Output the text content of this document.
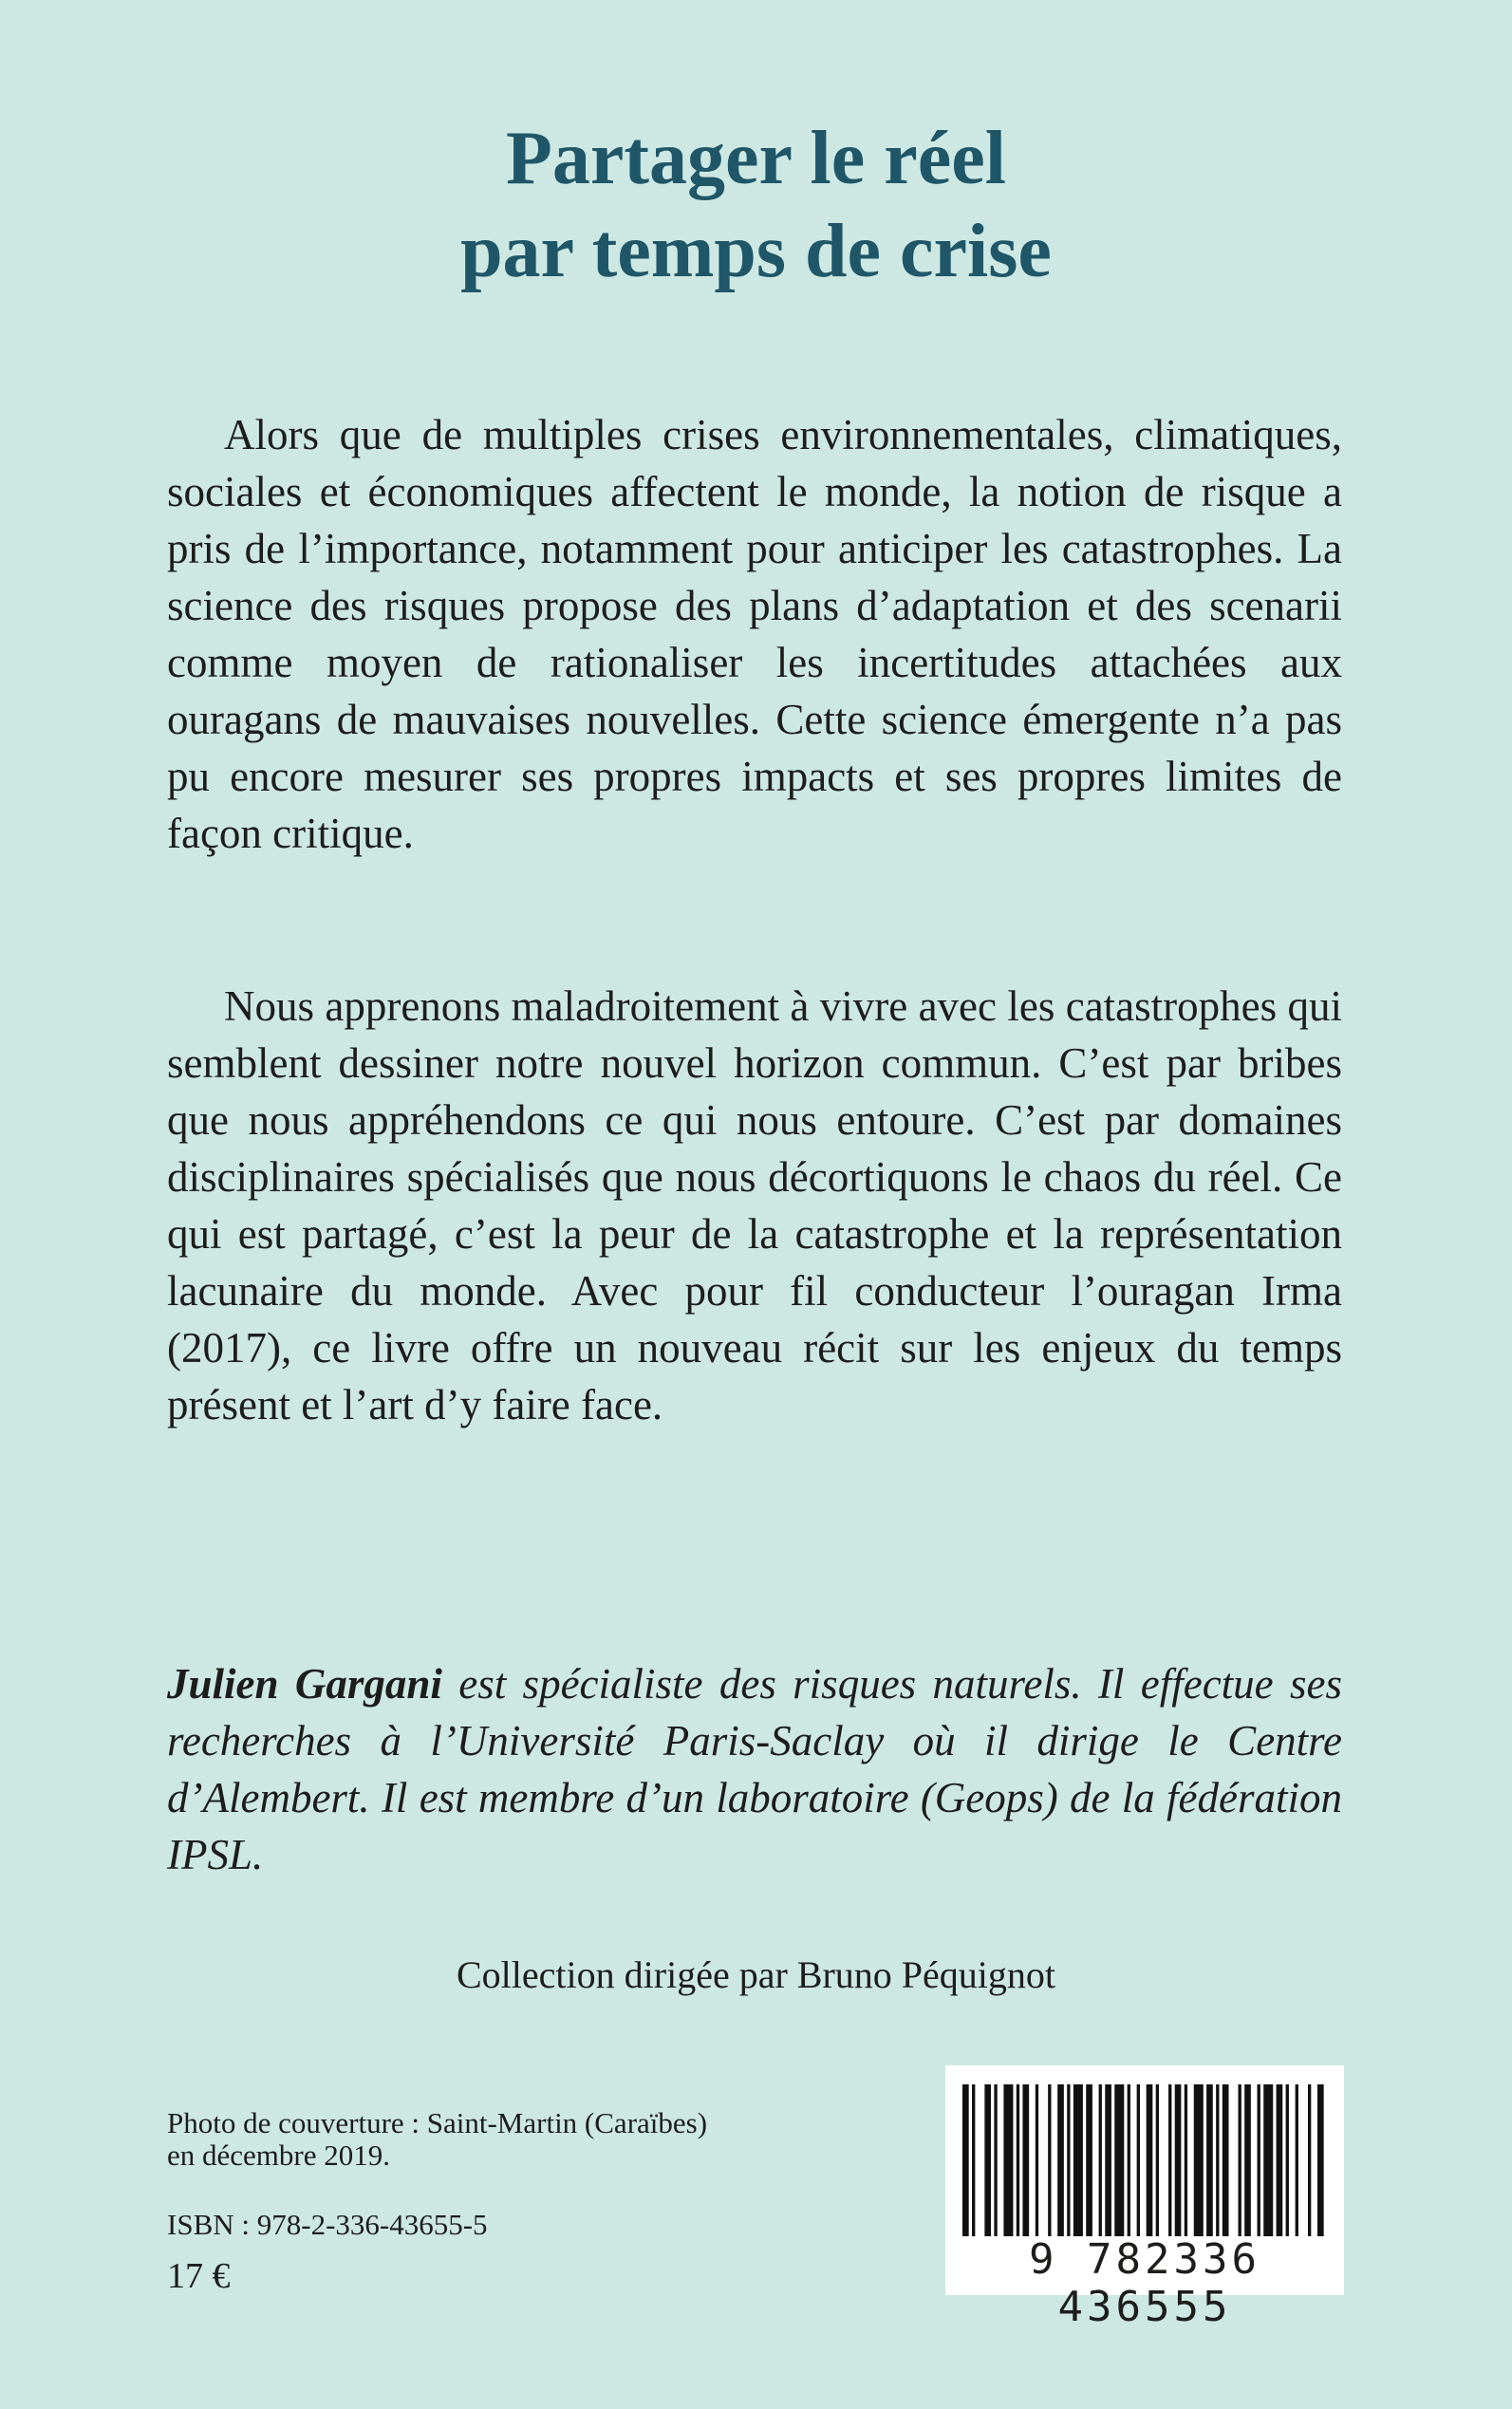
Partager le réel
par temps de crise
Alors que de multiples crises environnementales, climatiques, sociales et économiques affectent le monde, la notion de risque a pris de l’importance, notamment pour anticiper les catastrophes. La science des risques propose des plans d’adaptation et des scenarii comme moyen de rationaliser les incertitudes attachées aux ouragans de mauvaises nouvelles. Cette science émergente n’a pas pu encore mesurer ses propres impacts et ses propres limites de façon critique.
Nous apprenons maladroitement à vivre avec les catastrophes qui semblent dessiner notre nouvel horizon commun. C’est par bribes que nous appréhendons ce qui nous entoure. C’est par domaines disciplinaires spécialisés que nous décortiquons le chaos du réel. Ce qui est partagé, c’est la peur de la catastrophe et la représentation lacunaire du monde. Avec pour fil conducteur l’ouragan Irma (2017), ce livre offre un nouveau récit sur les enjeux du temps présent et l’art d’y faire face.
Julien Gargani est spécialiste des risques naturels. Il effectue ses recherches à l’Université Paris-Saclay où il dirige le Centre d’Alembert. Il est membre d’un laboratoire (Geops) de la fédération IPSL.
Collection dirigée par Bruno Péquignot
Photo de couverture : Saint-Martin (Caraïbes)
en décembre 2019.
ISBN : 978-2-336-43655-5
17 €	9 782336 436555
